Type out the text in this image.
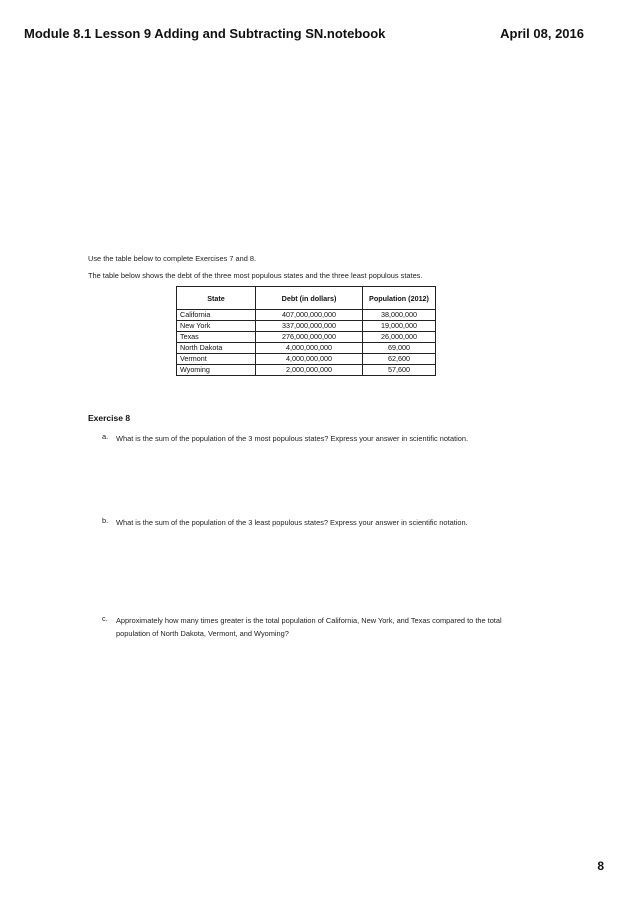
Module 8.1 Lesson 9 Adding and Subtracting SN.notebook	April 08, 2016
Use the table below to complete Exercises 7 and 8.
The table below shows the debt of the three most populous states and the three least populous states.
State	Debt (in dollars)	Population (2012)
California	407,000,000,000	38,000,000
New York	337,000,000,000	19,000,000
Texas	276,000,000,000	26,000,000
North Dakota	4,000,000,000	69,000
Vermont	4,000,000,000	62,600
Wyoming	2,000,000,000	57,600
Exercise 8
a. What is the sum of the population of the 3 most populous states? Express your answer in scientific notation.
b. What is the sum of the population of the 3 least populous states? Express your answer in scientific notation.
c. Approximately how many times greater is the total population of California, New York, and Texas compared to the total population of North Dakota, Vermont, and Wyoming?
8
